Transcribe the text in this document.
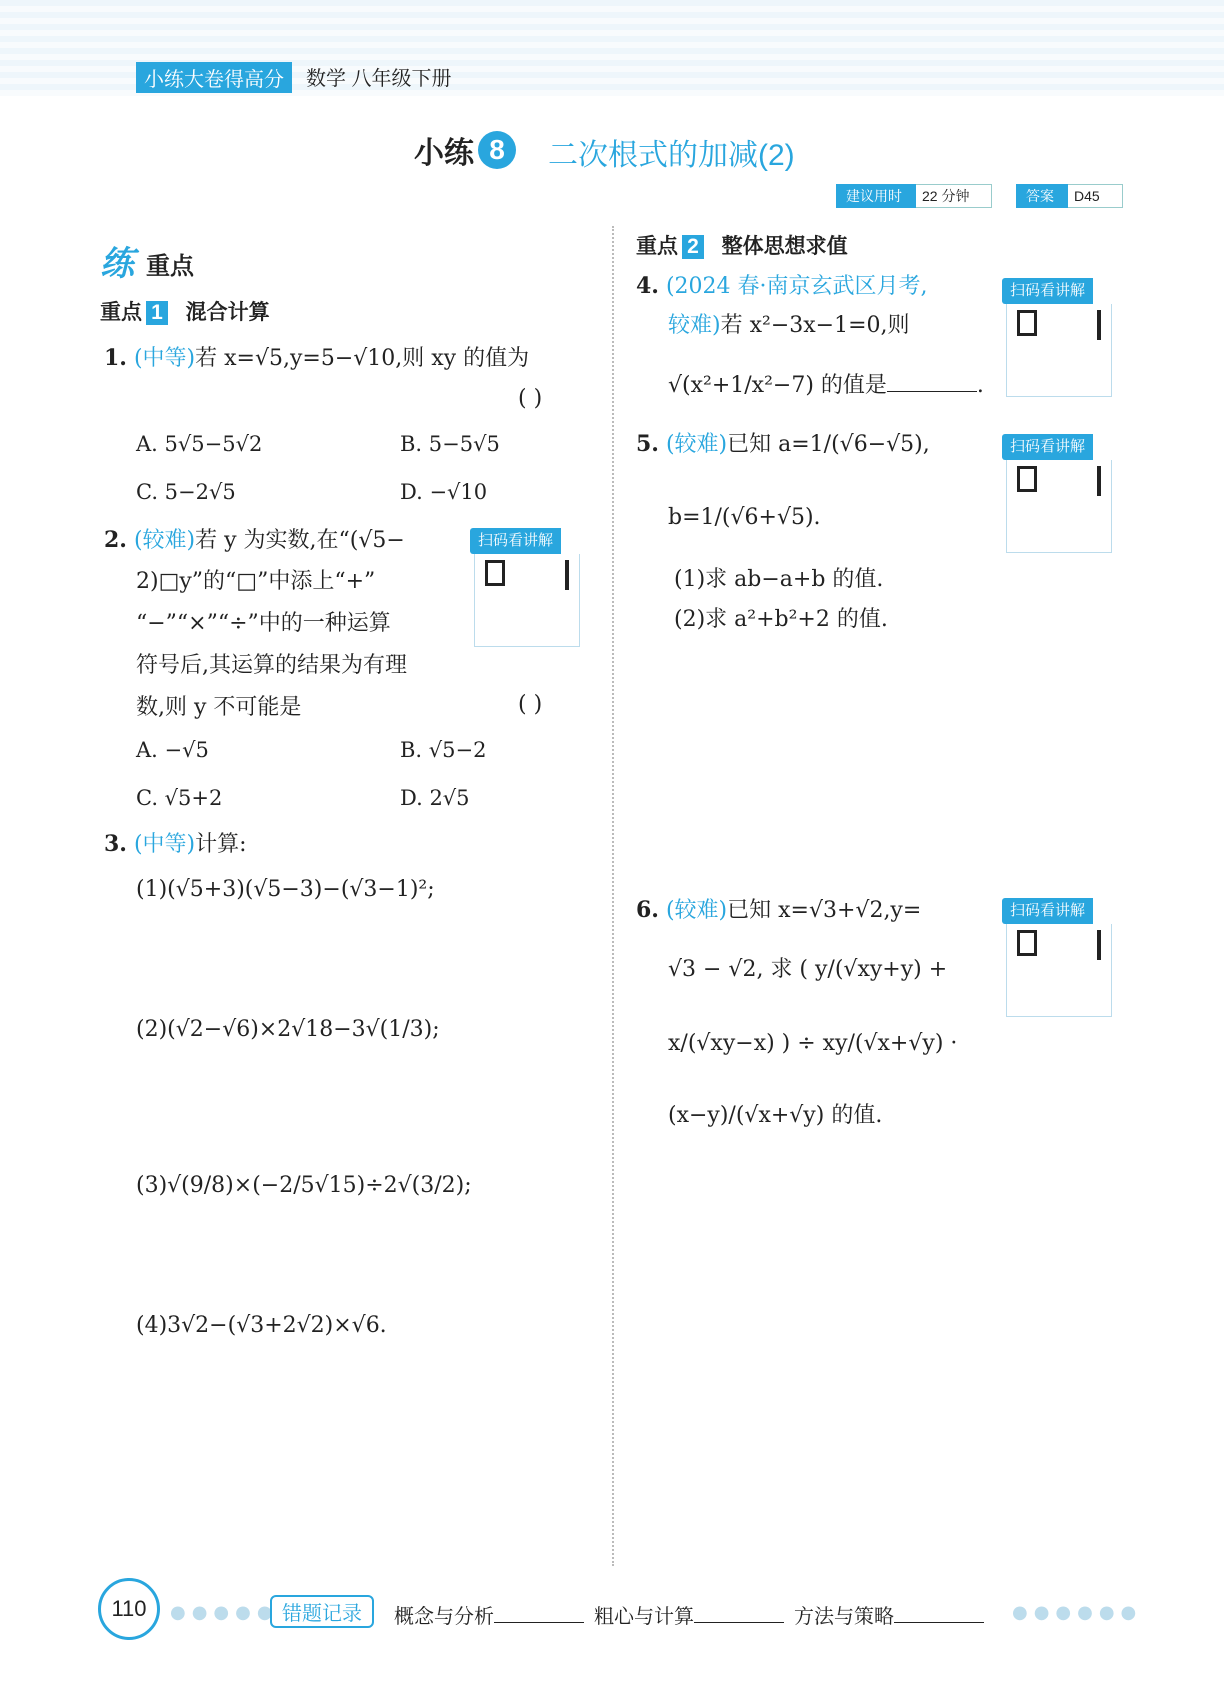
小练大卷得高分	数学 八年级下册
小练 8	二次根式的加减(2)
建议用时 22 分钟	答案 D45
练 重点
重点 1 混合计算
1. (中等)若 x=√5,y=5−√10,则 xy 的值为
( )
A. 5√5−5√2	B. 5−5√5
C. 5−2√5	D. −√10
2. (较难)若 y 为实数,在“(√5−
2)□y”的“□”中添上“+”
“−”“×”“÷”中的一种运算
符号后,其运算的结果为有理
数,则 y 不可能是	( )
A. −√5	B. √5−2
C. √5+2	D. 2√5
扫码看讲解
3. (中等)计算:
(1)(√5+3)(√5−3)−(√3−1)²;
(2)(√2−√6)×2√18−3√(1/3);
(3)√(9/8)×(−2/5√15)÷2√(3/2);
(4)3√2−(√3+2√2)×√6.
重点 2 整体思想求值
4. (2024 春·南京玄武区月考,
较难)若 x²−3x−1=0,则
√(x²+1/x²−7) 的值是	.
扫码看讲解
5. (较难)已知 a=1/(√6−√5),
b=1/(√6+√5).
(1)求 ab−a+b 的值.
(2)求 a²+b²+2 的值.
扫码看讲解
6. (较难)已知 x=√3+√2,y=
√3 − √2, 求 ( y/(√xy+y) +
x/(√xy−x) ) ÷ xy/(√x+√y) ·
(x−y)/(√x+√y) 的值.
扫码看讲解
110	●●●●● 错题记录	概念与分析	粗心与计算	方法与策略	●●●●●●
